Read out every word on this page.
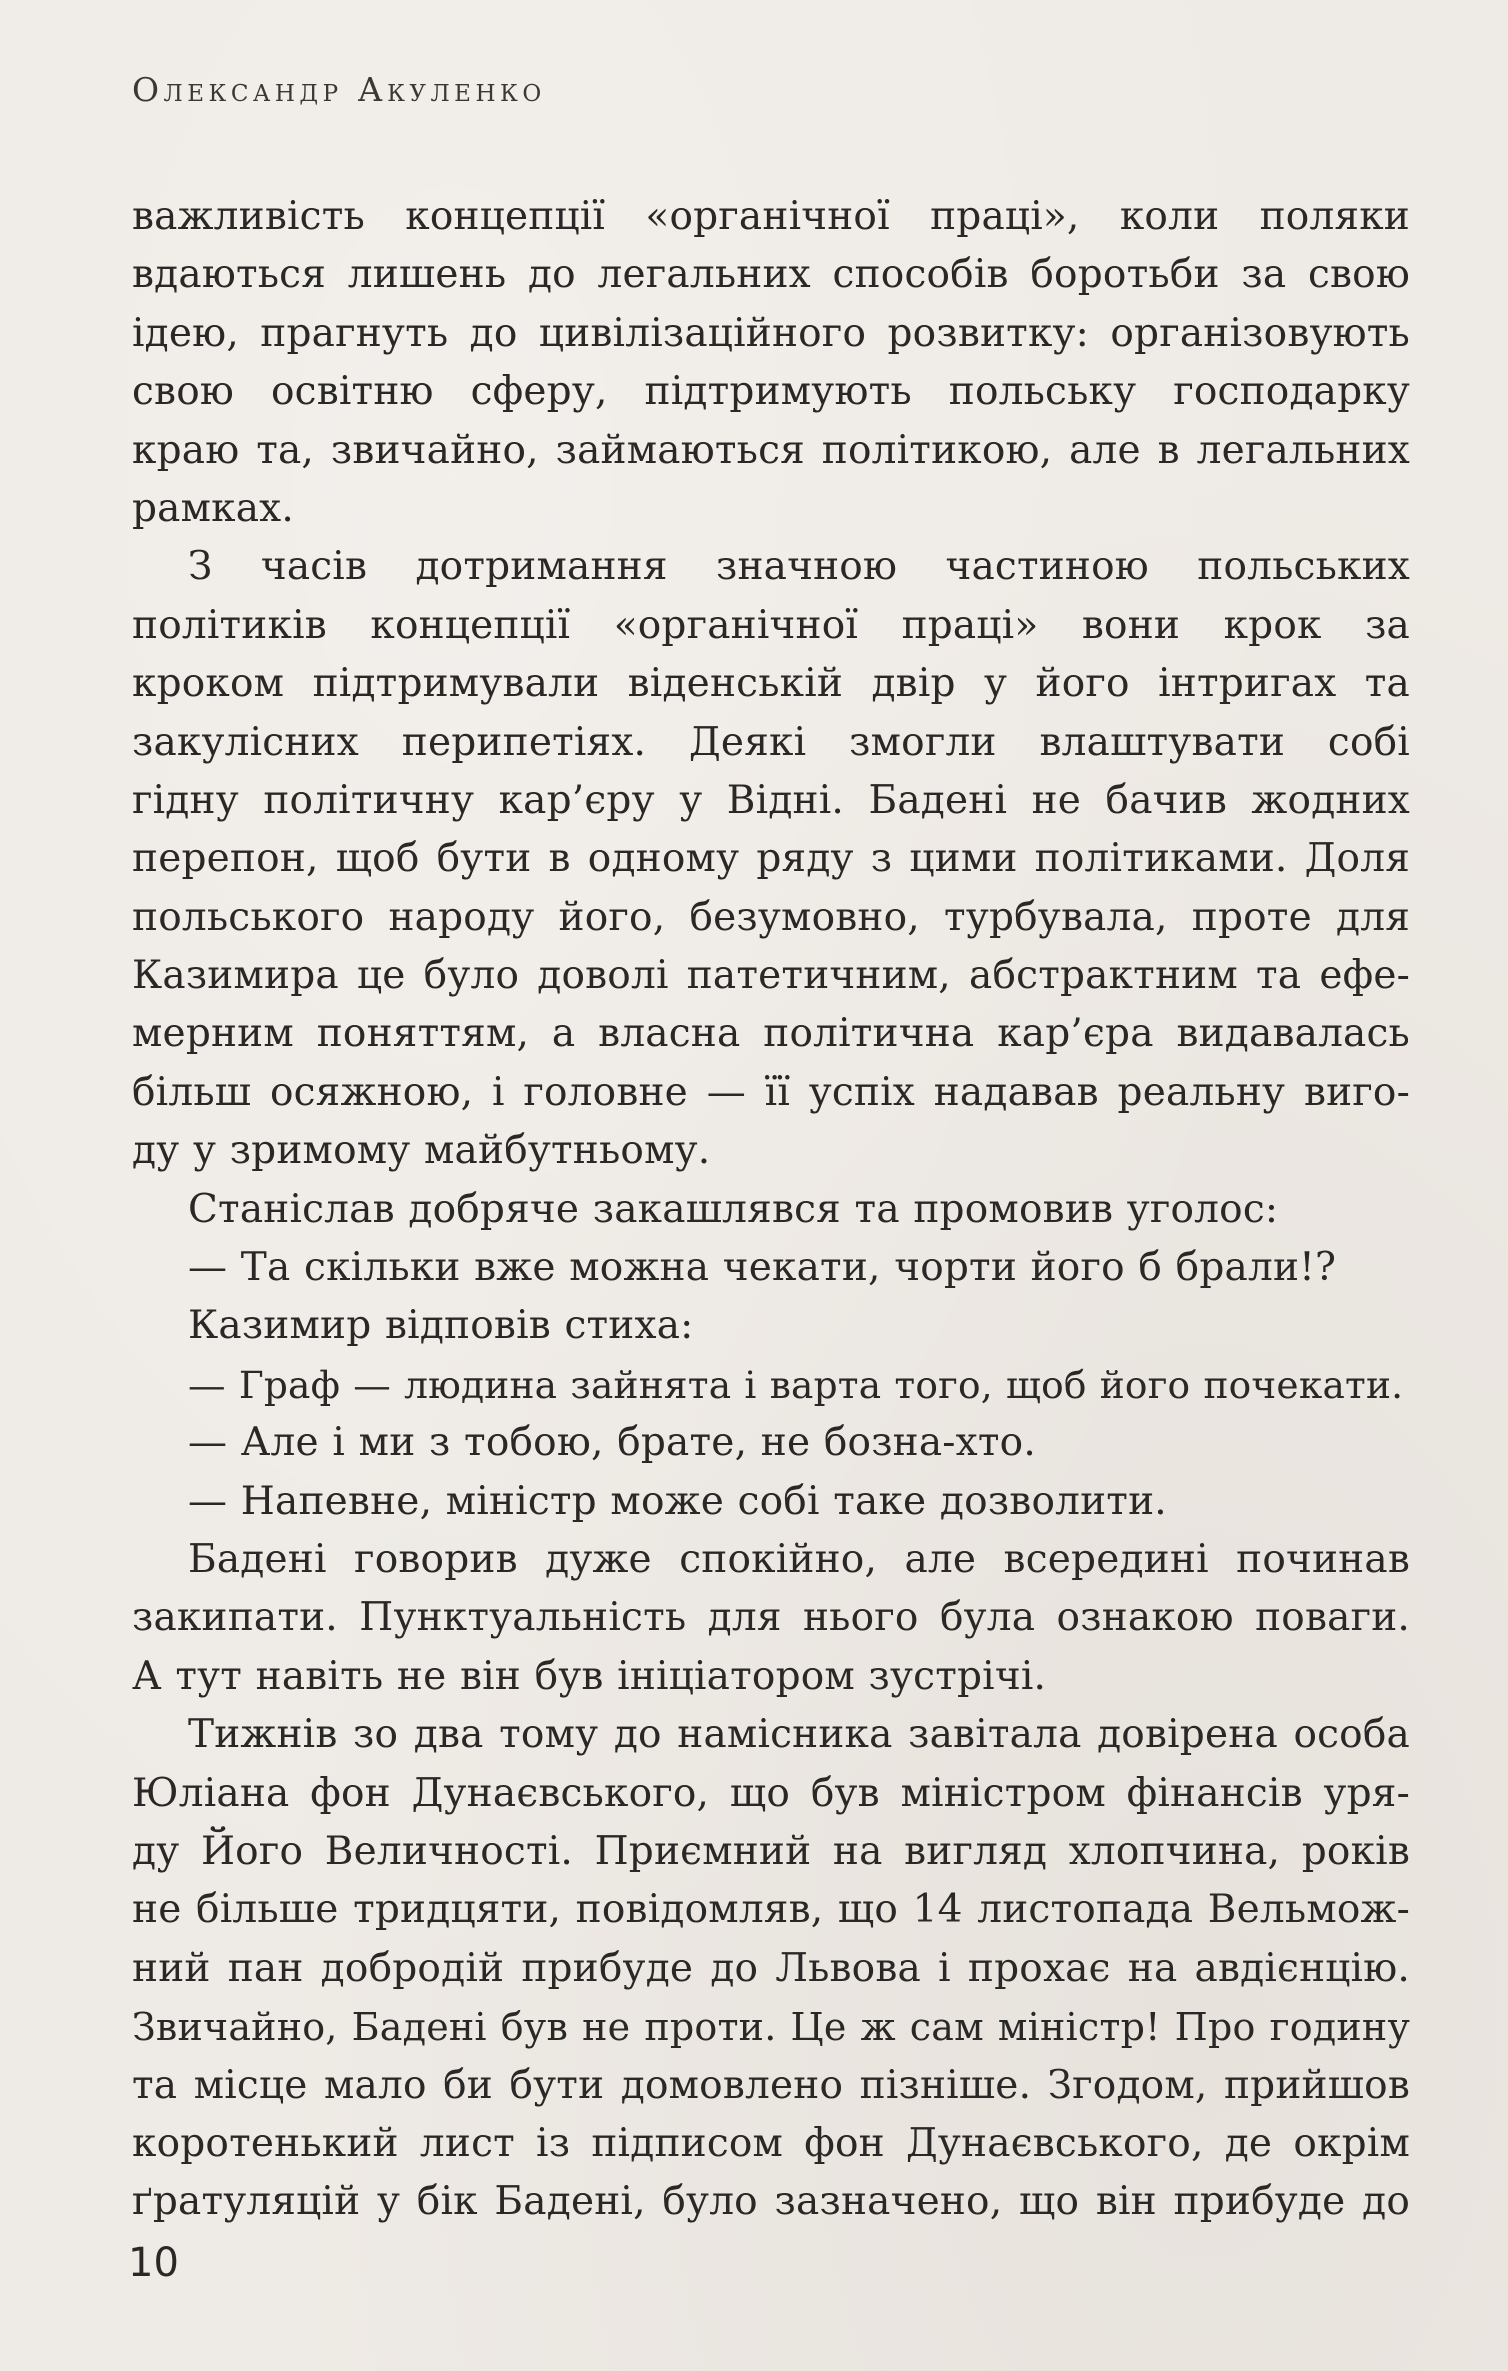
Олександр Акуленко
важливість концепції «органічної праці», коли поляки
вдаються лишень до легальних способів боротьби за свою
ідею, прагнуть до цивілізаційного розвитку: організовують
свою освітню сферу, підтримують польську господарку
краю та, звичайно, займаються політикою, але в легальних
рамках.
З часів дотримання значною частиною польських
політиків концепції «органічної праці» вони крок за
кроком підтримували віденській двір у його інтригах та
закулісних перипетіях. Деякі змогли влаштувати собі
гідну політичну кар’єру у Відні. Бадені не бачив жодних
перепон, щоб бути в одному ряду з цими політиками. Доля
польського народу його, безумовно, турбувала, проте для
Казимира це було доволі патетичним, абстрактним та ефе-
мерним поняттям, а власна політична кар’єра видавалась
більш осяжною, і головне — її успіх надавав реальну виго-
ду у зримому майбутньому.
Станіслав добряче закашлявся та промовив уголос:
— Та скільки вже можна чекати, чорти його б брали!?
Казимир відповів стиха:
— Граф — людина зайнята і варта того, щоб його почекати.
— Але і ми з тобою, брате, не бозна-хто.
— Напевне, міністр може собі таке дозволити.
Бадені говорив дуже спокійно, але всередині починав
закипати. Пунктуальність для нього була ознакою поваги.
А тут навіть не він був ініціатором зустрічі.
Тижнів зо два тому до намісника завітала довірена особа
Юліана фон Дунаєвського, що був міністром фінансів уря-
ду Його Величності. Приємний на вигляд хлопчина, років
не більше тридцяти, повідомляв, що 14 листопада Вельмож-
ний пан добродій прибуде до Львова і прохає на авдієнцію.
Звичайно, Бадені був не проти. Це ж сам міністр! Про годину
та місце мало би бути домовлено пізніше. Згодом, прийшов
коротенький лист із підписом фон Дунаєвського, де окрім
ґратуляцій у бік Бадені, було зазначено, що він прибуде до
10
